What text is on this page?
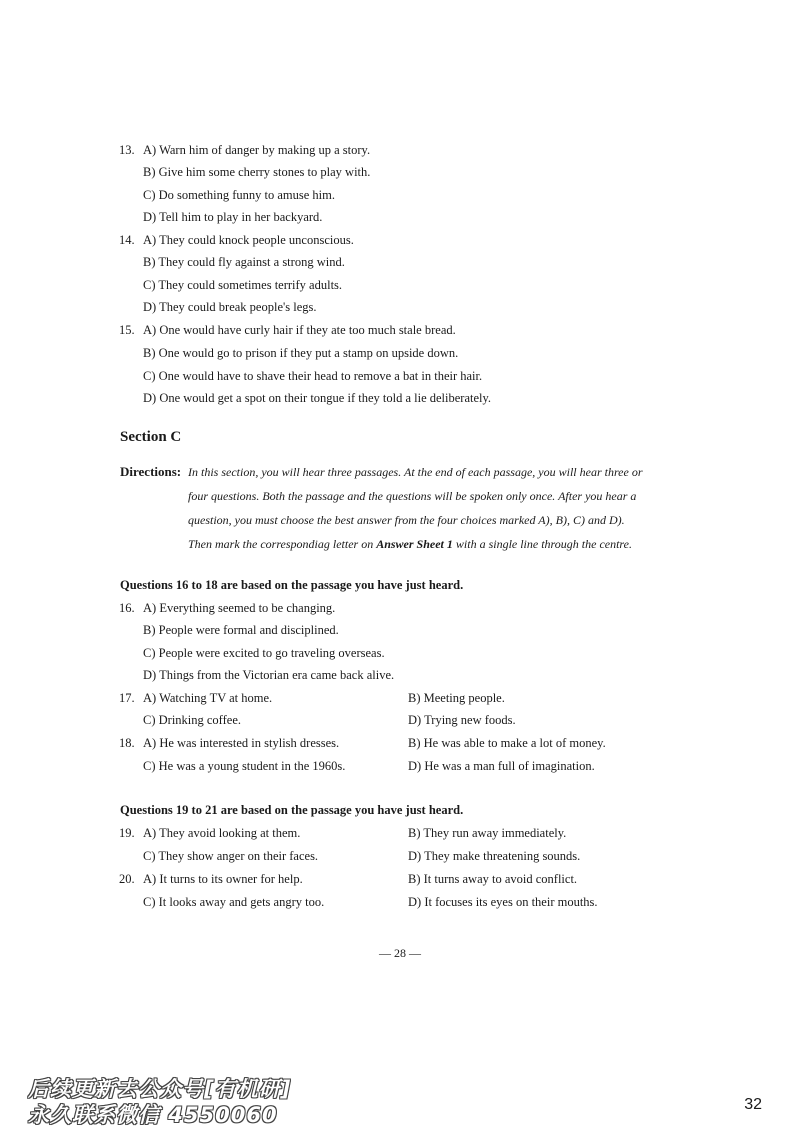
13. A) Warn him of danger by making up a story.
B) Give him some cherry stones to play with.
C) Do something funny to amuse him.
D) Tell him to play in her backyard.
14. A) They could knock people unconscious.
B) They could fly against a strong wind.
C) They could sometimes terrify adults.
D) They could break people's legs.
15. A) One would have curly hair if they ate too much stale bread.
B) One would go to prison if they put a stamp on upside down.
C) One would have to shave their head to remove a bat in their hair.
D) One would get a spot on their tongue if they told a lie deliberately.
Section C
Directions: In this section, you will hear three passages. At the end of each passage, you will hear three or
four questions. Both the passage and the questions will be spoken only once. After you hear a
question, you must choose the best answer from the four choices marked A), B), C) and D).
Then mark the correspondiag letter on Answer Sheet 1 with a single line through the centre.
Questions 16 to 18 are based on the passage you have just heard.
16. A) Everything seemed to be changing.
B) People were formal and disciplined.
C) People were excited to go traveling overseas.
D) Things from the Victorian era came back alive.
17. A) Watching TV at home.	B) Meeting people.
C) Drinking coffee.	D) Trying new foods.
18. A) He was interested in stylish dresses.	B) He was able to make a lot of money.
C) He was a young student in the 1960s.	D) He was a man full of imagination.
Questions 19 to 21 are based on the passage you have just heard.
19. A) They avoid looking at them.	B) They run away immediately.
C) They show anger on their faces.	D) They make threatening sounds.
20. A) It turns to its owner for help.	B) It turns away to avoid conflict.
C) It looks away and gets angry too.	D) It focuses its eyes on their mouths.
— 28 —
后续更新去公众号[有机研]
永久联系微信 4550060	32
